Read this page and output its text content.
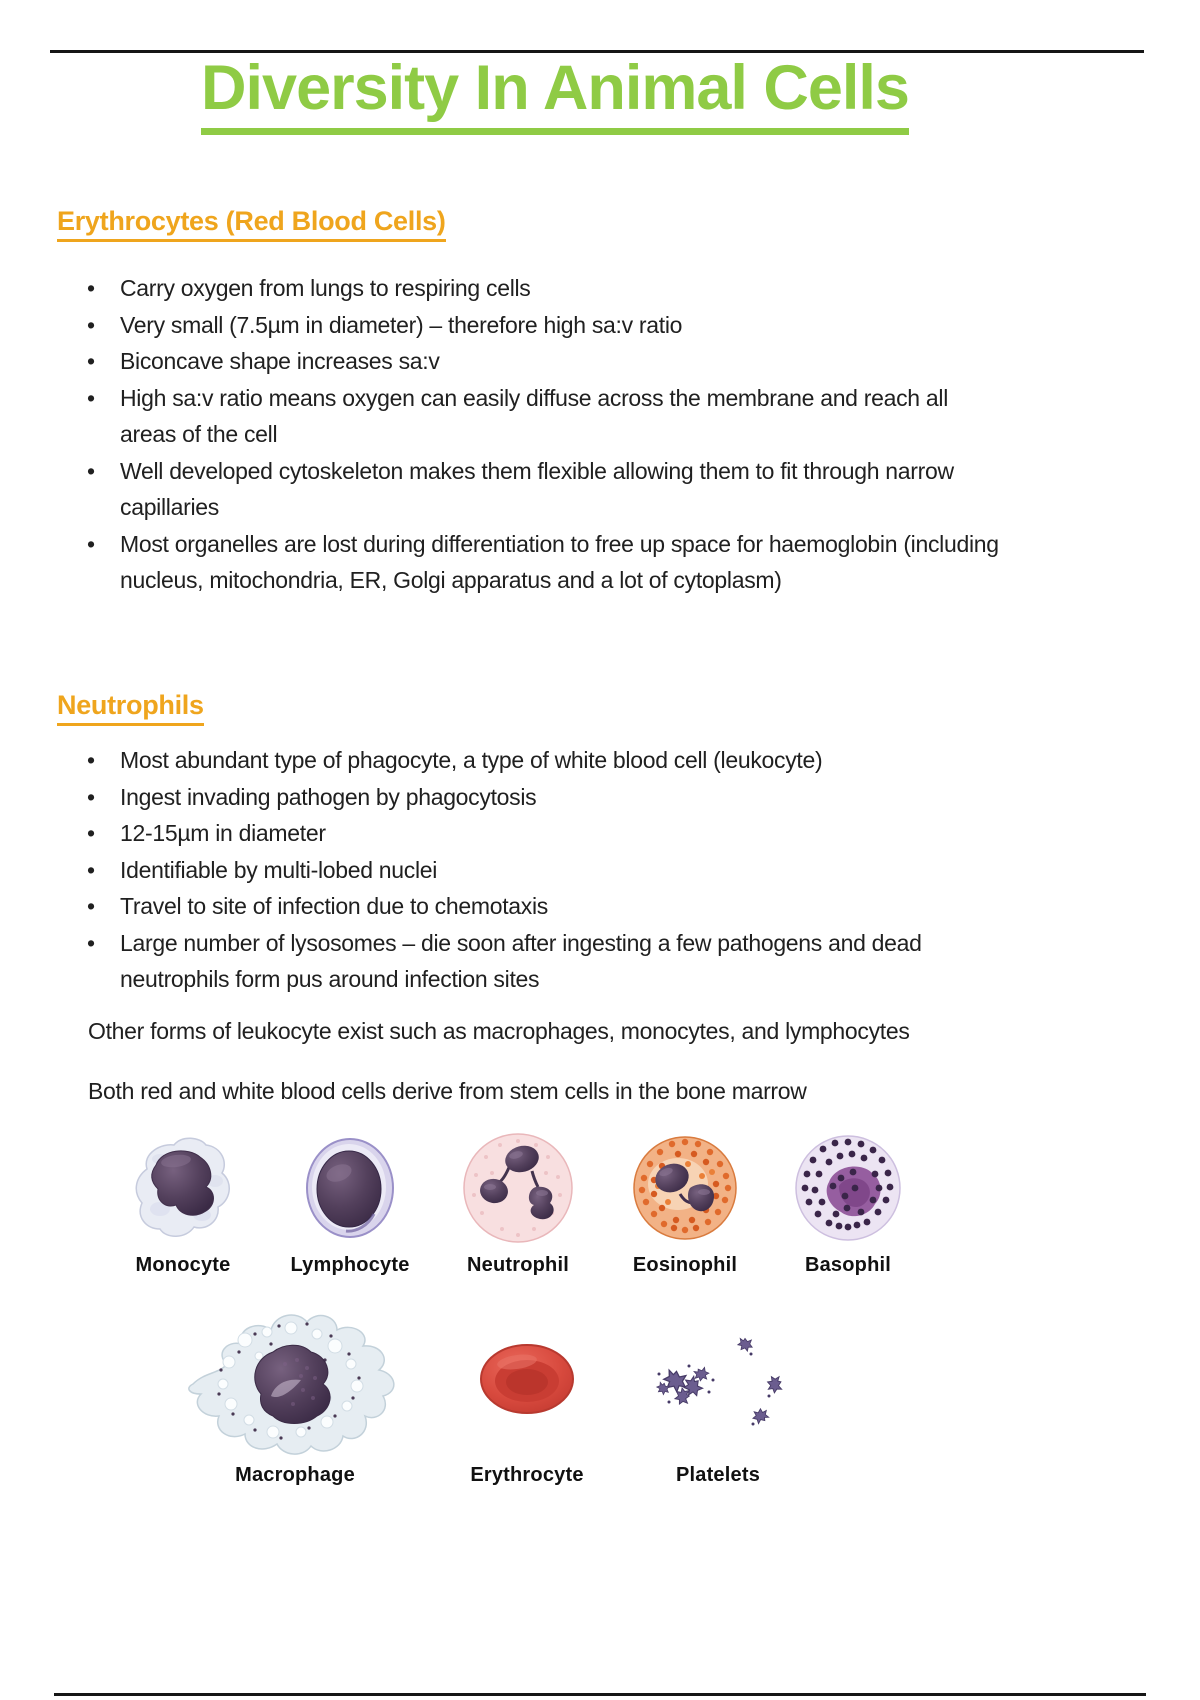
Diversity In Animal Cells
Erythrocytes (Red Blood Cells)
• Carry oxygen from lungs to respiring cells
• Very small (7.5µm in diameter) – therefore high sa:v ratio
• Biconcave shape increases sa:v
• High sa:v ratio means oxygen can easily diffuse across the membrane and reach all areas of the cell
• Well developed cytoskeleton makes them flexible allowing them to fit through narrow capillaries
• Most organelles are lost during differentiation to free up space for haemoglobin (including nucleus, mitochondria, ER, Golgi apparatus and a lot of cytoplasm)
Neutrophils
• Most abundant type of phagocyte, a type of white blood cell (leukocyte)
• Ingest invading pathogen by phagocytosis
• 12-15µm in diameter
• Identifiable by multi-lobed nuclei
• Travel to site of infection due to chemotaxis
• Large number of lysosomes – die soon after ingesting a few pathogens and dead neutrophils form pus around infection sites

Other forms of leukocyte exist such as macrophages, monocytes, and lymphocytes

Both red and white blood cells derive from stem cells in the bone marrow

Monocyte	Lymphocyte	Neutrophil	Eosinophil	Basophil
Macrophage	Erythrocyte	Platelets
